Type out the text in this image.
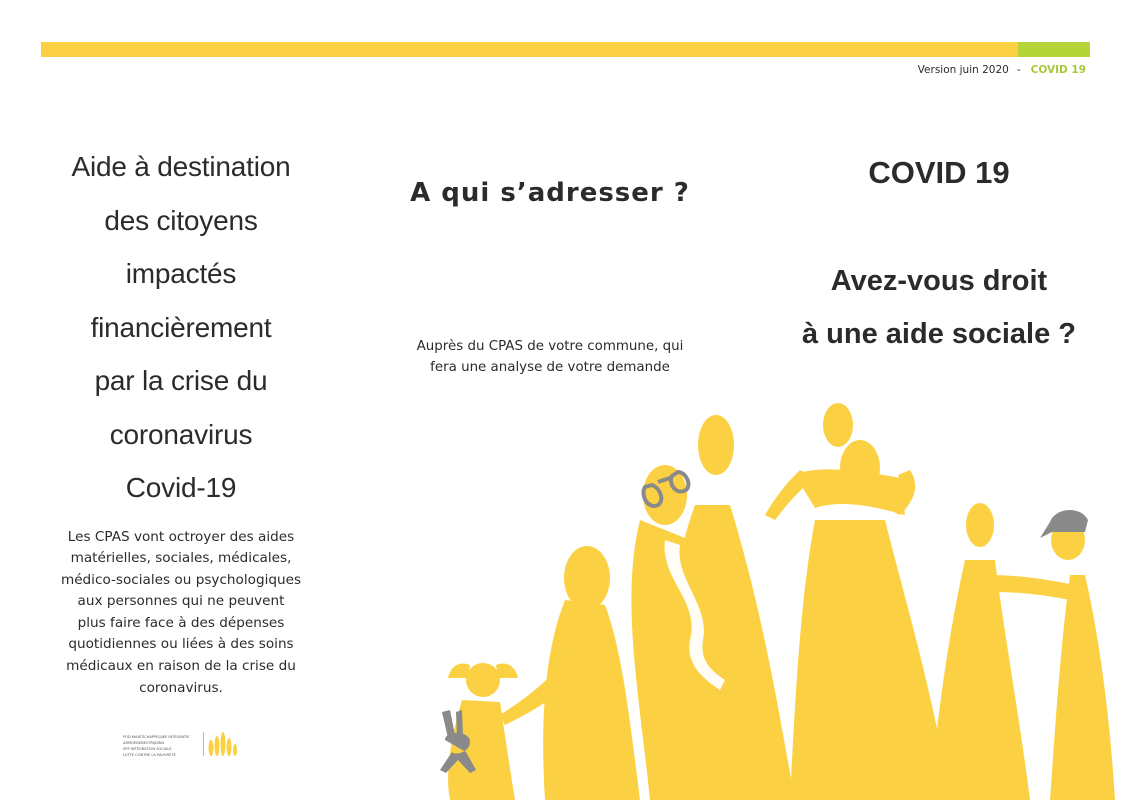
Version juin 2020 - COVID 19
Aide à destination
des citoyens
impactés
financièrement
par la crise du
coronavirus
Covid-19
Les CPAS vont octroyer des aides
matérielles, sociales, médicales,
médico-sociales ou psychologiques
aux personnes qui ne peuvent
plus faire face à des dépenses
quotidiennes ou liées à des soins
médicaux en raison de la crise du
coronavirus.
POD MAATSCHAPPELIJKE INTEGRATIE
ARMOEDEBESTRIJDING
SPP INTÉGRATION SOCIALE
LUTTE CONTRE LA PAUVRETÉ
A qui s’adresser ?
Auprès du CPAS de votre commune, qui
fera une analyse de votre demande
COVID 19
Avez-vous droit
à une aide sociale ?
